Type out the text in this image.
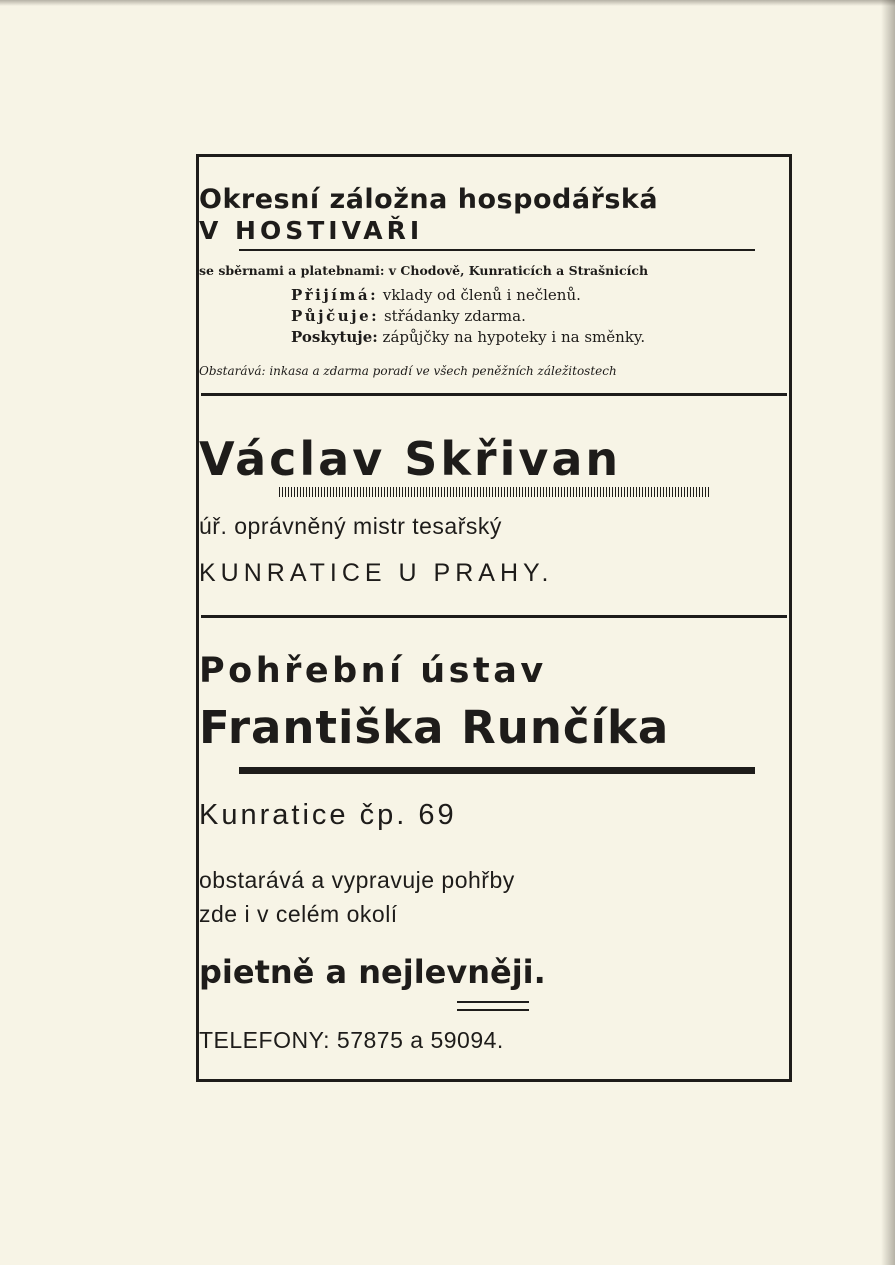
Okresní záložna hospodářská
V HOSTIVAŘI
se sběrnami a platebnami: v Chodově, Kunraticích a Strašnicích
Přijímá: vklady od členů i nečlenů.
Půjčuje: střádanky zdarma.
Poskytuje: zápůjčky na hypoteky i na směnky.
Obstarává: inkasa a zdarma poradí ve všech peněžních záležitostech
Václav Skřivan
úř. oprávněný mistr tesařský
KUNRATICE U PRAHY.
Pohřební ústav
Františka Runčíka
Kunratice čp. 69
obstarává a vypravuje pohřby
zde i v celém okolí
pietně a nejlevněji.
TELEFONY: 57875 a 59094.
